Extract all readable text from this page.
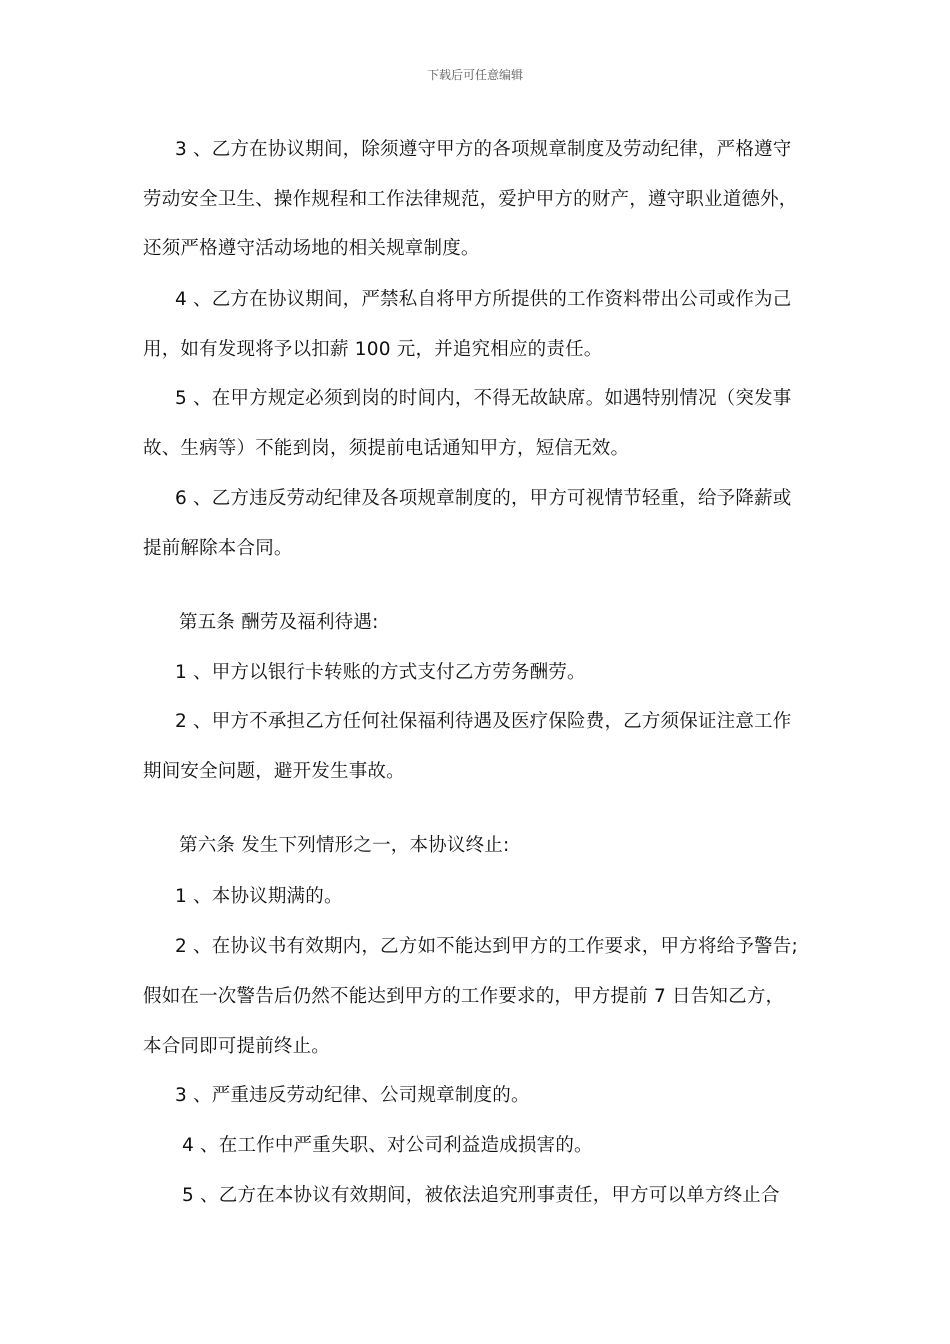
下载后可任意编辑
3 、乙方在协议期间，除须遵守甲方的各项规章制度及劳动纪律，严格遵守
劳动安全卫生、操作规程和工作法律规范，爱护甲方的财产，遵守职业道德外，
还须严格遵守活动场地的相关规章制度。
4 、乙方在协议期间，严禁私自将甲方所提供的工作资料带出公司或作为己
用，如有发现将予以扣薪 100 元，并追究相应的责任。
5 、在甲方规定必须到岗的时间内，不得无故缺席。如遇特别情况（突发事
故、生病等）不能到岗，须提前电话通知甲方，短信无效。
6 、乙方违反劳动纪律及各项规章制度的，甲方可视情节轻重，给予降薪或
提前解除本合同。
第五条 酬劳及福利待遇:
1 、甲方以银行卡转账的方式支付乙方劳务酬劳。
2 、甲方不承担乙方任何社保福利待遇及医疗保险费，乙方须保证注意工作
期间安全问题，避开发生事故。
第六条 发生下列情形之一，本协议终止:
1 、本协议期满的。
2 、在协议书有效期内，乙方如不能达到甲方的工作要求，甲方将给予警告;
假如在一次警告后仍然不能达到甲方的工作要求的，甲方提前 7 日告知乙方，
本合同即可提前终止。
3 、严重违反劳动纪律、公司规章制度的。
4 、在工作中严重失职、对公司利益造成损害的。
5 、乙方在本协议有效期间，被依法追究刑事责任，甲方可以单方终止合
